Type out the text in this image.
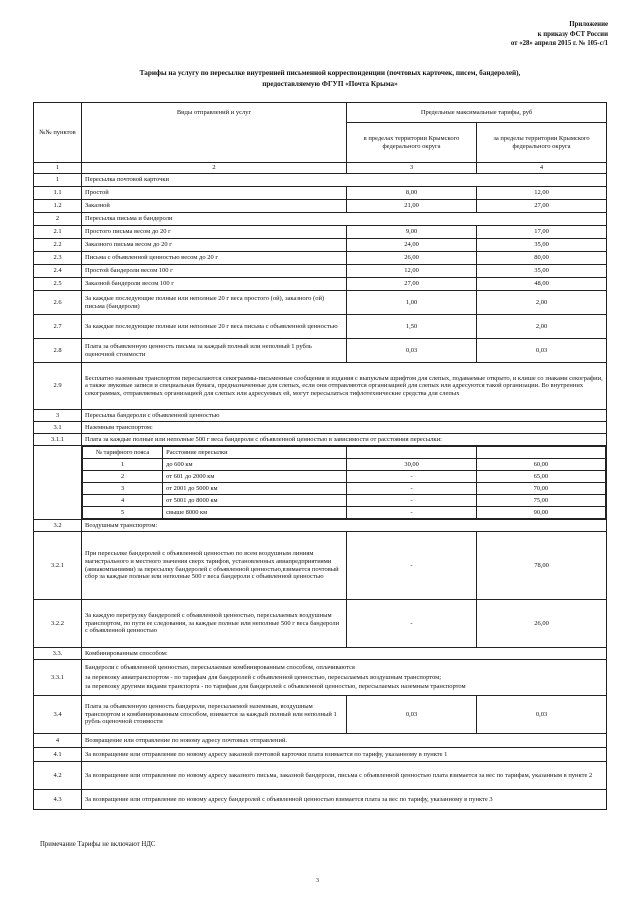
Приложение
к приказу ФСТ России
от «28» апреля 2015 г. № 105-с/1
Тарифы на услугу по пересылке внутренней письменной корреспонденции (почтовых карточек, писем, бандеролей),
предоставляемую ФГУП «Почта Крыма»
№№ пунктов	Виды отправлений и услуг	Предельные максимальные тарифы, руб
в пределах территории Крымского федерального округа	за пределы территории Крымского федерального округа
1	2	3	4
1	Пересылка почтовой карточки
1.1	Простой	8,00	12,00
1.2	Заказной	21,00	27,00
2	Пересылка письма и бандероли
2.1	Простого письма весом до 20 г	9,00	17,00
2.2	Заказного письма весом до 20 г	24,00	35,00
2.3	Письма с объявленной ценностью весом до 20 г	26,00	80,00
2.4	Простой бандероли весом 100 г	12,00	35,00
2.5	Заказной бандероли весом 100 г	27,00	48,00
2.6	За каждые последующие полные или неполные 20 г веса простого (ой), заказного (ой) письма (бандероли)	1,00	2,00
2.7	За каждые последующие полные или неполные 20 г веса письма с объявленной ценностью	1,50	2,00
2.8	Плата за объявленную ценность письма за каждый полный или неполный 1 рубль оценочной стоимости	0,03	0,03
2.9	Бесплатно наземным транспортом пересылаются секограммы-письменные сообщения и издания с выпуклым шрифтом для слепых, подаваемые открыто, и клише со знаками секографии, а также звуковые записи и специальная бумага, предназначенные для слепых, если они отправляются организацией для слепых или адресуются такой организации. Во внутренних секограммах, отправляемых организацией для слепых или адресуемых ей, могут пересылаться тифлотехнические средства для слепых
3	Пересылка бандероли с объявленной ценностью
3.1	Наземным транспортом:
3.1.1	Плата за каждые полные или неполные 500 г веса бандероли с объявленной ценностью в зависимости от расстояния пересылки:

№ тарифного пояса	Расстояние пересылки		
1	до 600 км	30,00	60,00
2	от 601 до 2000 км	-	65,00
3	от 2001 до 5000 км	-	70,00
4	от 5001 до 8000 км	-	75,00
5	свыше 8000 км	-	90,00

3.2	Воздушным транспортом:
3.2.1	При пересылке бандеролей с объявленной ценностью по всем воздушным линиям магистрального и местного значения сверх тарифов, установленных авиапредприятиями (авиакомпаниями) за пересылку бандеролей с объявленной ценностью,взимается почтовый сбор за каждые полные или неполные 500 г веса бандероли с объявленной ценностью	-	78,00
3.2.2	За каждую перегрузку бандеролей с объявленной ценностью, пересылаемых воздушным транспортом, по пути ее следования, за каждые полные или неполные 500 г веса бандероли с объявленной ценностью	-	26,00
3.3.	Комбинированным способом:
3.3.1	
Бандероли с объявленной ценностью, пересылаемые комбинированным способом, оплачиваются
за перевозку авиатранспортом - по тарифам для бандеролей с объявленной ценностью, пересылаемых воздушным транспортом;
за перевозку другими видами транспорта - по тарифам для бандеролей с объявленной ценностью, пересылаемых наземным транспортом

3.4	Плата за объявленную ценность бандероли, пересылаемой наземным, воздушным транспортом и комбинированным способом, взимается за каждый полный или неполный 1 рубль оценочной стоимости	0,03	0,03
4	Возвращение или отправление по новому адресу почтовых отправлений.
4.1	За возвращение или отправление по новому адресу заказной почтовой карточки плата взимается по тарифу, указанному в пункте 1
4.2	За возвращение или отправление по новому адресу заказного письма, заказной бандероли, письма с объявленной ценностью плата взимается за вес по тарифам, указанным в пункте 2
4.3	За возвращение или отправление по новому адресу бандеролей с объявленной ценностью взимается плата за вес по тарифу, указанному в пункте 3
Примечание Тарифы не включают НДС
3
